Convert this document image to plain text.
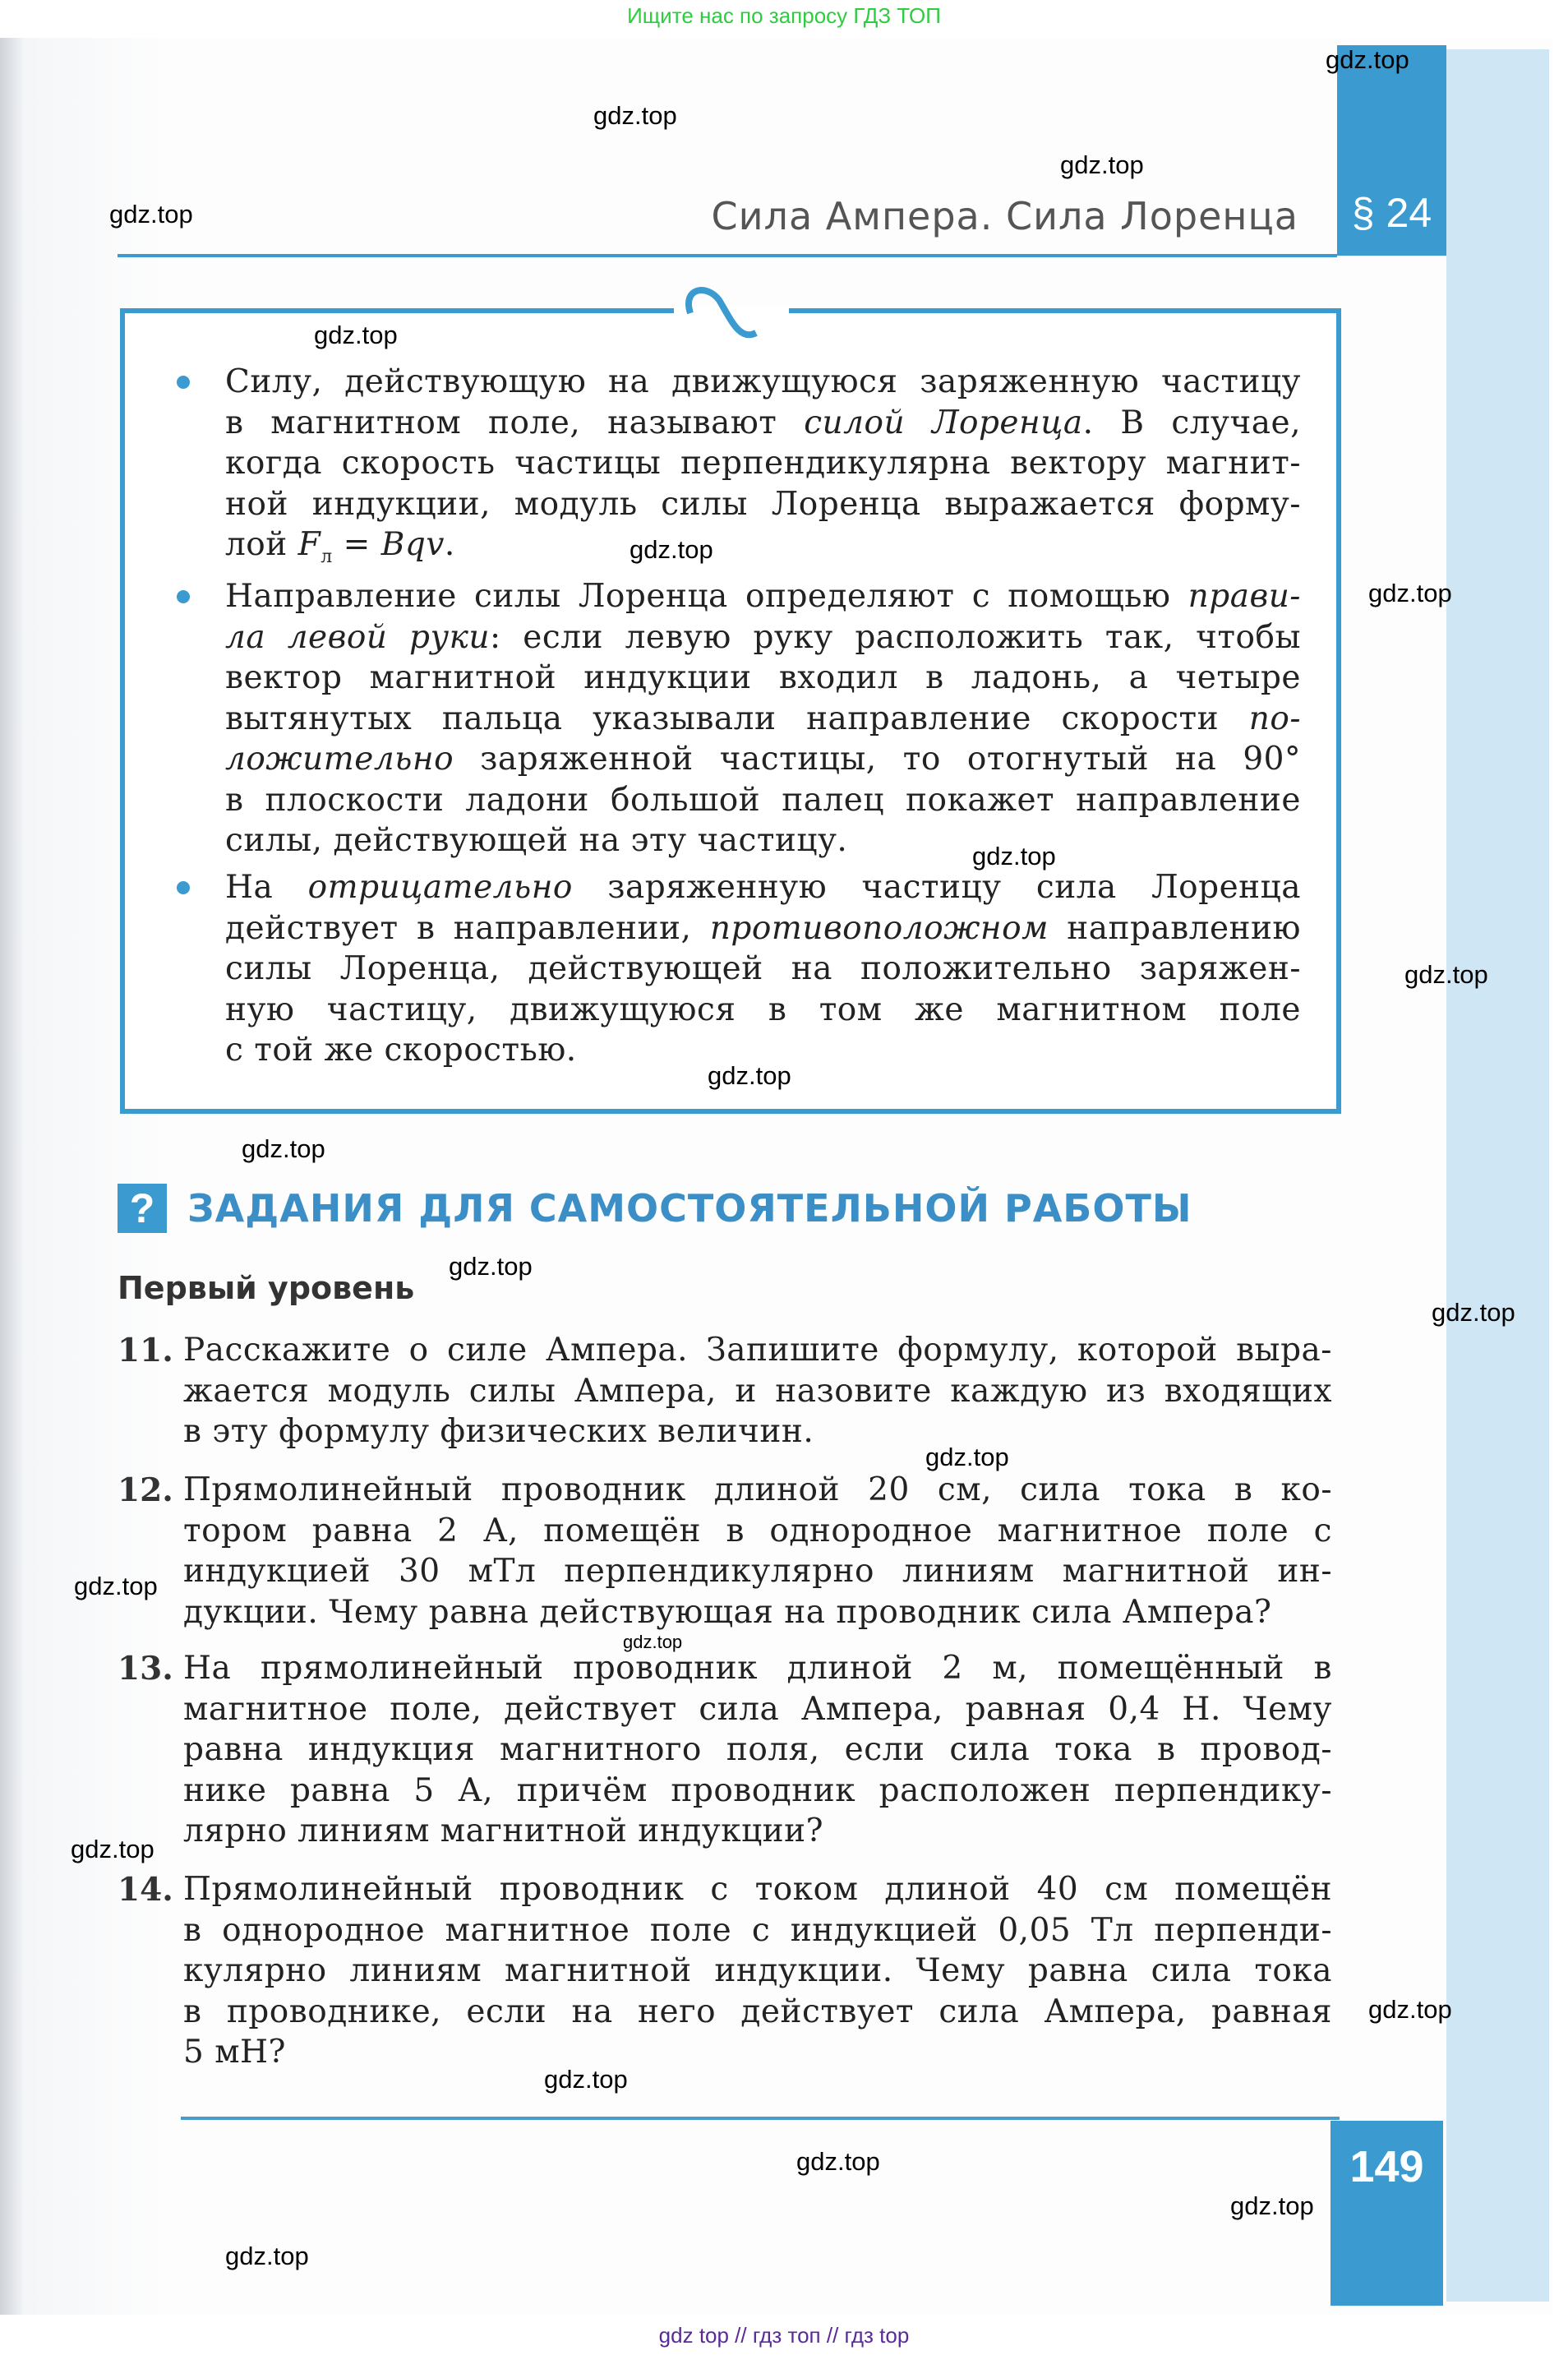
Ищите нас по запросу ГДЗ ТОП
§ 24
Сила Ампера. Сила Лоренца
Силу, действующую на движущуюся заряженную частицу
в магнитном поле, называют силой Лоренца. В случае,
когда скорость частицы перпендикулярна вектору магнит-
ной индукции, модуль силы Лоренца выражается форму-
лой $F_л$ = Bqv.
Направление силы Лоренца определяют с помощью прави-
ла левой руки: если левую руку расположить так, чтобы
вектор магнитной индукции входил в ладонь, а четыре
вытянутых пальца указывали направление скорости по-
ложительно заряженной частицы, то отогнутый на 90°
в плоскости ладони большой палец покажет направление
силы, действующей на эту частицу.
На отрицательно заряженную частицу сила Лоренца
действует в направлении, противоположном направлению
силы Лоренца, действующей на положительно заряжен-
ную частицу, движущуюся в том же магнитном поле
с той же скоростью.
? ЗАДАНИЯ ДЛЯ САМОСТОЯТЕЛЬНОЙ РАБОТЫ
Первый уровень
11. Расскажите о силе Ампера. Запишите формулу, которой выра-
жается модуль силы Ампера, и назовите каждую из входящих
в эту формулу физических величин.
12. Прямолинейный проводник длиной 20 см, сила тока в ко-
тором равна 2 А, помещён в однородное магнитное поле с
индукцией 30 мТл перпендикулярно линиям магнитной ин-
дукции. Чему равна действующая на проводник сила Ампера?
13. На прямолинейный проводник длиной 2 м, помещённый в
магнитное поле, действует сила Ампера, равная 0,4 Н. Чему
равна индукция магнитного поля, если сила тока в провод-
нике равна 5 А, причём проводник расположен перпендику-
лярно линиям магнитной индукции?
14. Прямолинейный проводник с током длиной 40 см помещён
в однородное магнитное поле с индукцией 0,05 Тл перпенди-
кулярно линиям магнитной индукции. Чему равна сила тока
в проводнике, если на него действует сила Ампера, равная
5 мН?
149
gdz top // гдз топ // гдз top
gdz.top
gdz.top
gdz.top
gdz.top
gdz.top
gdz.top
gdz.top
gdz.top
gdz.top
gdz.top
gdz.top
gdz.top
gdz.top
gdz.top
gdz.top
gdz.top
gdz.top
gdz.top
gdz.top
gdz.top
gdz.top
gdz.top
